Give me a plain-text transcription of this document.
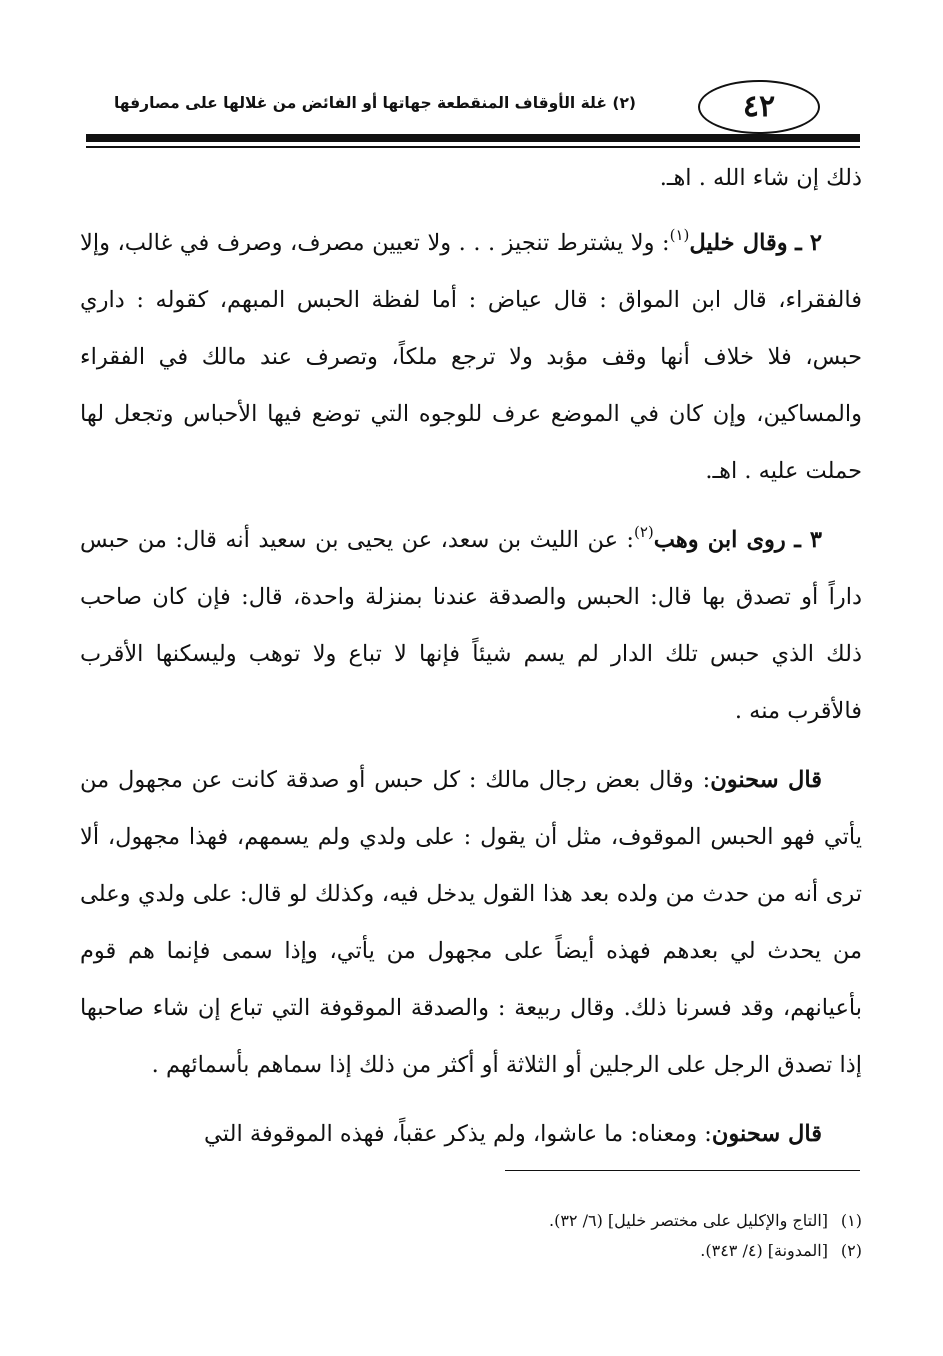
٤٢
(٢) غلة الأوقاف المنقطعة جهاتها أو الفائض من غلالها على مصارفها

ذلك إن شاء الله . اهـ.

٢ ـ وقال خليل$^{(١)}$: ولا يشترط تنجيز . . . ولا تعيين مصرف، وصرف في غالب، وإلا فالفقراء، قال ابن المواق : قال عياض : أما لفظة الحبس المبهم، كقوله : داري حبس، فلا خلاف أنها وقف مؤبد ولا ترجع ملكاً، وتصرف عند مالك في الفقراء والمساكين، وإن كان في الموضع عرف للوجوه التي توضع فيها الأحباس وتجعل لها حملت عليه . اهـ.

٣ ـ روى ابن وهب$^{(٢)}$: عن الليث بن سعد، عن يحيى بن سعيد أنه قال: من حبس داراً أو تصدق بها قال: الحبس والصدقة عندنا بمنزلة واحدة، قال: فإن كان صاحب ذلك الذي حبس تلك الدار لم يسم شيئاً فإنها لا تباع ولا توهب وليسكنها الأقرب فالأقرب منه .

قال سحنون: وقال بعض رجال مالك : كل حبس أو صدقة كانت عن مجهول من يأتي فهو الحبس الموقوف، مثل أن يقول : على ولدي ولم يسمهم، فهذا مجهول، ألا ترى أنه من حدث من ولده بعد هذا القول يدخل فيه، وكذلك لو قال: على ولدي وعلى من يحدث لي بعدهم فهذه أيضاً على مجهول من يأتي، وإذا سمى فإنما هم قوم بأعيانهم، وقد فسرنا ذلك. وقال ربيعة : والصدقة الموقوفة التي تباع إن شاء صاحبها إذا تصدق الرجل على الرجلين أو الثلاثة أو أكثر من ذلك إذا سماهم بأسمائهم .

قال سحنون: ومعناه: ما عاشوا، ولم يذكر عقباً، فهذه الموقوفة التي

(١)[التاج والإكليل على مختصر خليل] (٦/ ٣٢).

(٢)[المدونة] (٤/ ٣٤٣).
